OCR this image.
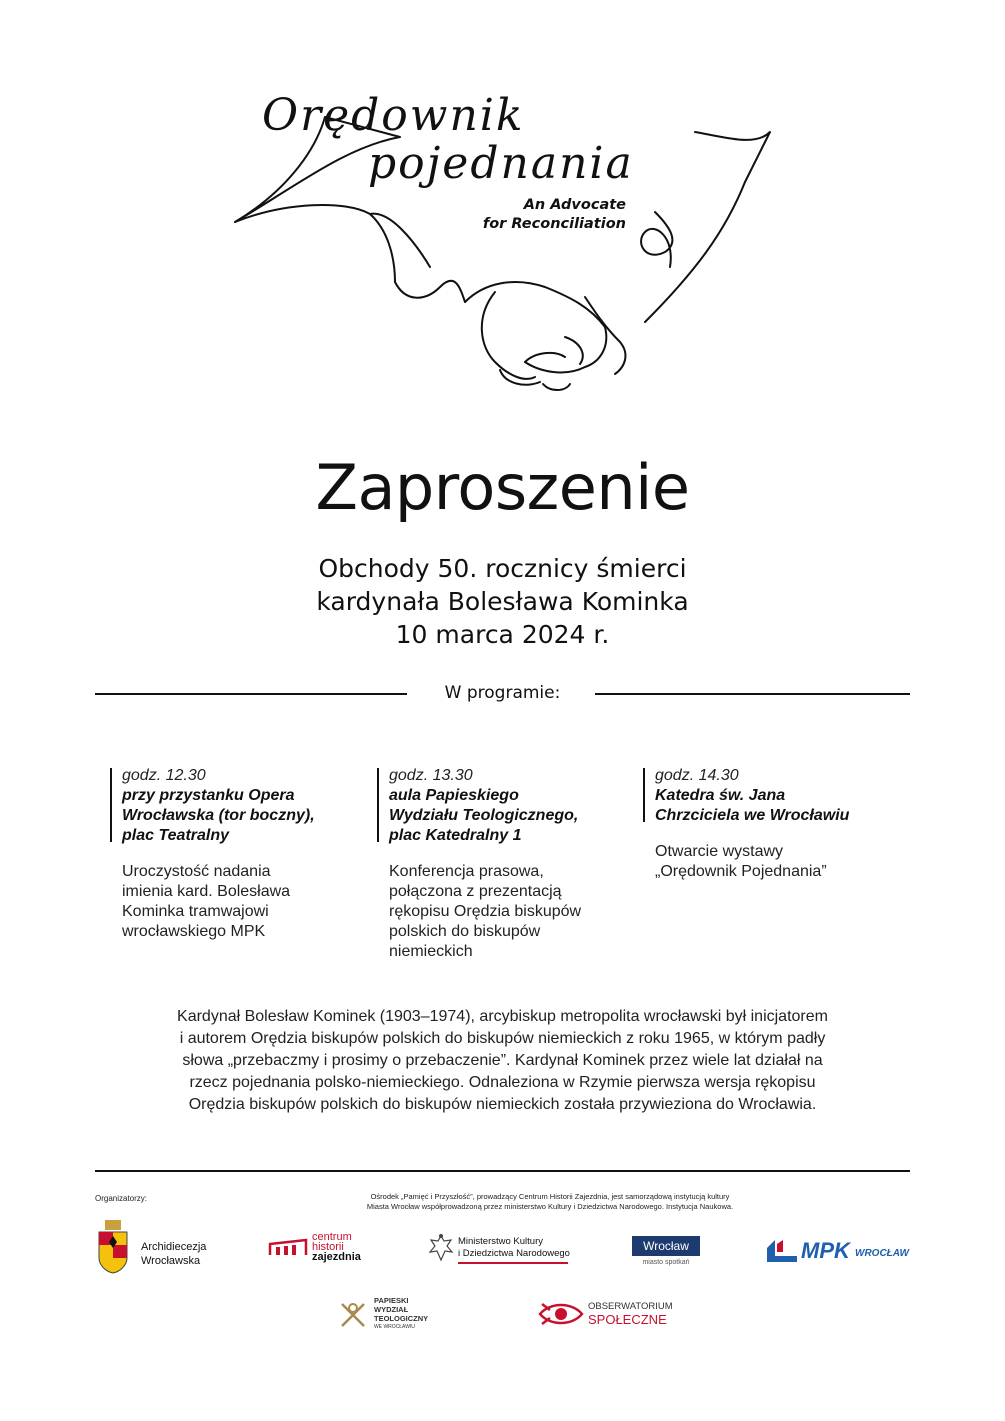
Orędownik
pojednania
An Advocate
for Reconciliation
Zaproszenie
Obchody 50. rocznicy śmierci
kardynała Bolesława Kominka
10 marca 2024 r.
W programie:
godz. 12.30
przy przystanku Opera
Wrocławska (tor boczny),
plac Teatralny
Uroczystość nadania
imienia kard. Bolesława
Kominka tramwajowi
wrocławskiego MPK
godz. 13.30
aula Papieskiego
Wydziału Teologicznego,
plac Katedralny 1
Konferencja prasowa,
połączona z prezentacją
rękopisu Orędzia biskupów
polskich do biskupów
niemieckich
godz. 14.30
Katedra św. Jana
Chrzciciela we Wrocławiu
Otwarcie wystawy
„Orędownik Pojednania”
Kardynał Bolesław Kominek (1903–1974), arcybiskup metropolita wrocławski był inicjatorem
i autorem Orędzia biskupów polskich do biskupów niemieckich z roku 1965, w którym padły
słowa „przebaczmy i prosimy o przebaczenie”. Kardynał Kominek przez wiele lat działał na
rzecz pojednania polsko-niemieckiego. Odnaleziona w Rzymie pierwsza wersja rękopisu
Orędzia biskupów polskich do biskupów niemieckich została przywieziona do Wrocławia.
Organizatorzy:	Ośrodek „Pamięć i Przyszłość”, prowadzący Centrum Historii Zajezdnia, jest samorządową instytucją kultury
Miasta Wrocław współprowadzoną przez ministerstwo Kultury i Dziedzictwa Narodowego. Instytucja Naukowa.
Archidiecezja
Wrocławska
centrum
historii
zajezdnia
Ministerstwo Kultury
i Dziedzictwa Narodowego
Wrocław
miasto spotkań	MPK WROCŁAW
PAPIESKI
WYDZIAŁ
TEOLOGICZNY
WE WROCŁAWIU
OBSERWATORIUM
SPOŁECZNE
